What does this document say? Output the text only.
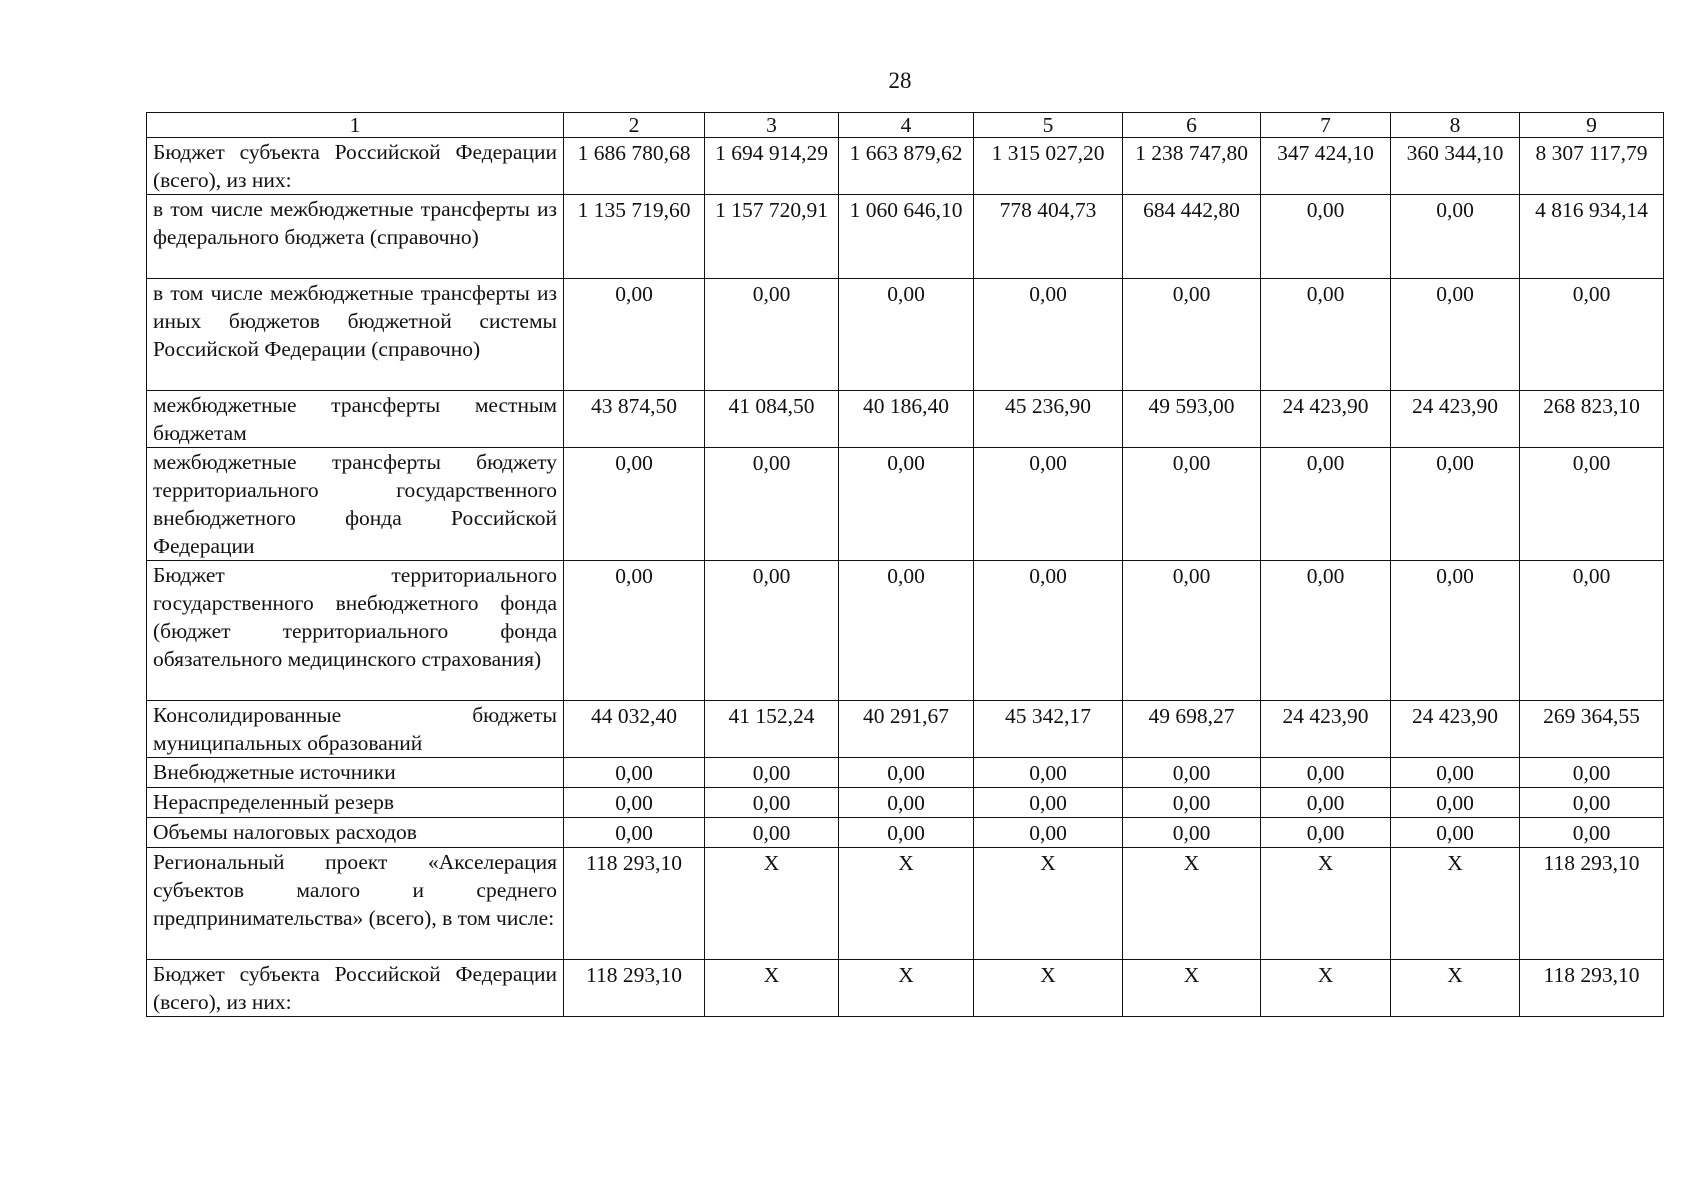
28
1	2	3	4	5	6	7	8	9
Бюджет субъекта Российской Федерации (всего), из них:	1 686 780,68	1 694 914,29	1 663 879,62	1 315 027,20	1 238 747,80	347 424,10	360 344,10	8 307 117,79
в том числе межбюджетные трансферты из федерального бюджета (справочно)	1 135 719,60	1 157 720,91	1 060 646,10	778 404,73	684 442,80	0,00	0,00	4 816 934,14
в том числе межбюджетные трансферты из иных бюджетов бюджетной системы Российской Федерации (справочно)	0,00	0,00	0,00	0,00	0,00	0,00	0,00	0,00
межбюджетные трансферты местным бюджетам	43 874,50	41 084,50	40 186,40	45 236,90	49 593,00	24 423,90	24 423,90	268 823,10
межбюджетные трансферты бюджету территориального государственного внебюджетного фонда Российской Федерации	0,00	0,00	0,00	0,00	0,00	0,00	0,00	0,00
Бюджет территориального государственного внебюджетного фонда (бюджет территориального фонда обязательного медицинского страхования)	0,00	0,00	0,00	0,00	0,00	0,00	0,00	0,00
Консолидированные бюджеты муниципальных образований	44 032,40	41 152,24	40 291,67	45 342,17	49 698,27	24 423,90	24 423,90	269 364,55
Внебюджетные источники	0,00	0,00	0,00	0,00	0,00	0,00	0,00	0,00
Нераспределенный резерв	0,00	0,00	0,00	0,00	0,00	0,00	0,00	0,00
Объемы налоговых расходов	0,00	0,00	0,00	0,00	0,00	0,00	0,00	0,00
Региональный проект «Акселерация субъектов малого и среднего предпринимательства» (всего), в том числе:	118 293,10	X	X	X	X	X	X	118 293,10
Бюджет субъекта Российской Федерации (всего), из них:	118 293,10	X	X	X	X	X	X	118 293,10
